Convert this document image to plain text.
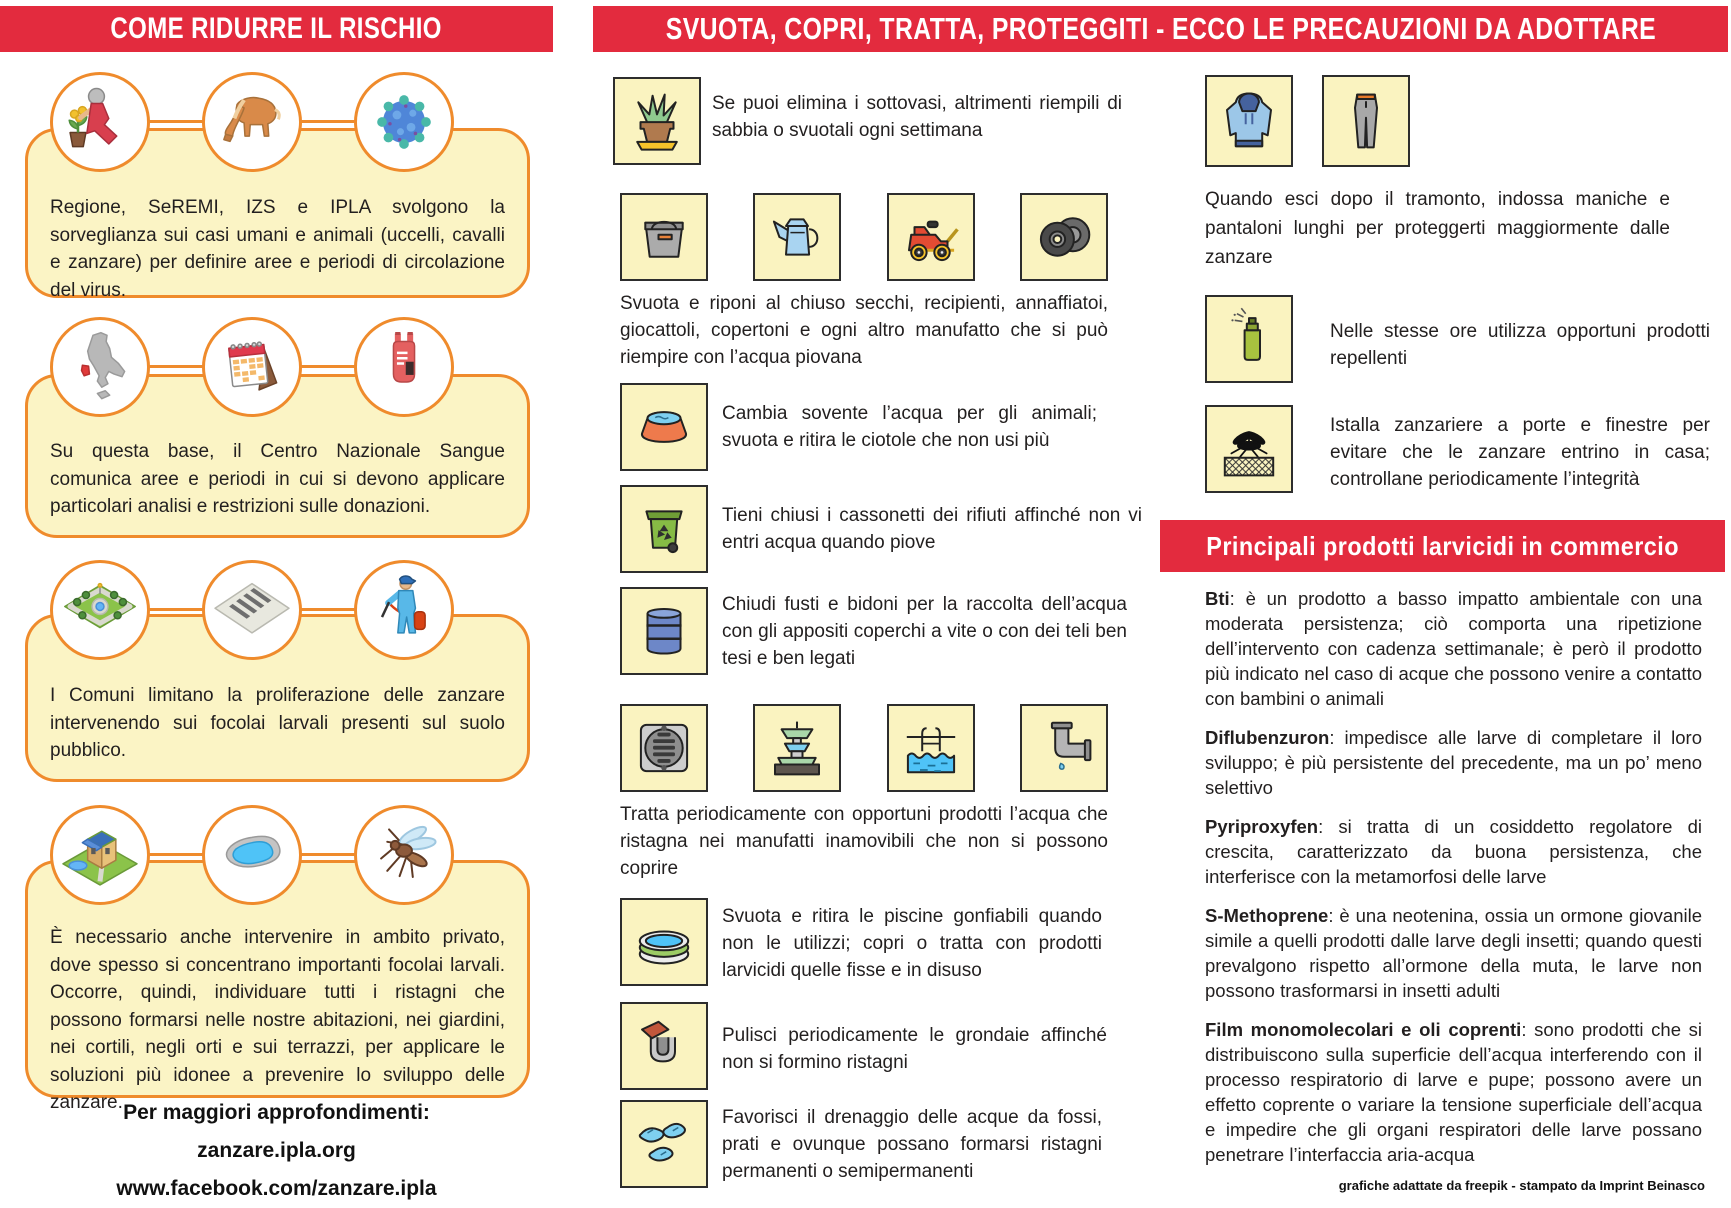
COME RIDURRE IL RISCHIO
Regione, SeREMI, IZS e IPLA svolgono la sorveglianza sui casi umani e animali (uccelli, cavalli e zanzare) per definire aree e periodi di circolazione del virus.
Su questa base, il Centro Nazionale Sangue comunica aree e periodi in cui si devono applicare particolari analisi e restrizioni sulle donazioni.
I Comuni limitano la proliferazione delle zanzare intervenendo sui focolai larvali presenti sul suolo pubblico.
È necessario anche intervenire in ambito privato, dove spesso si concentrano importanti focolai larvali. Occorre, quindi, individuare tutti i ristagni che possono formarsi nelle nostre abitazioni, nei giardini, nei cortili, negli orti e sui terrazzi, per applicare le soluzioni più idonee a prevenire lo sviluppo delle zanzare. Per maggiori approfondimenti:
zanzare.ipla.org
www.facebook.com/zanzare.ipla
SVUOTA, COPRI, TRATTA, PROTEGGITI - ECCO LE PRECAUZIONI DA ADOTTARE
Se puoi elimina i sottovasi, altrimenti riempili di sabbia o svuotali ogni settimana
Svuota e riponi al chiuso secchi, recipienti, annaffiatoi, giocattoli, copertoni e ogni altro manufatto che si può riempire con l’acqua piovana
Cambia sovente l’acqua per gli animali; svuota e ritira le ciotole che non usi più
Tieni chiusi i cassonetti dei rifiuti affinché non vi entri acqua quando piove
Chiudi fusti e bidoni per la raccolta dell’acqua con gli appositi coperchi a vite o con dei teli ben tesi e ben legati
Tratta periodicamente con opportuni prodotti l’acqua che ristagna nei manufatti inamovibili che non si possono coprire
Svuota e ritira le piscine gonfiabili quando non le utilizzi; copri o tratta con prodotti larvicidi quelle fisse e in disuso
Pulisci periodicamente le grondaie affinché non si formino ristagni
Favorisci il drenaggio delle acque da fossi, prati e ovunque possano formarsi ristagni permanenti o semipermanenti
Quando esci dopo il tramonto, indossa maniche e pantaloni lunghi per proteggerti maggiormente dalle zanzare
Nelle stesse ore utilizza opportuni prodotti repellenti
Istalla zanzariere a porte e finestre per evitare che le zanzare entrino in casa; controllane periodicamente l’integrità
Principali prodotti larvicidi in commercio

Bti: è un prodotto a basso impatto ambientale con una moderata persistenza; ciò comporta una ripetizione dell’intervento con cadenza settimanale; è però il prodotto più indicato nel caso di acque che possono venire a contatto con bambini o animali

Diflubenzuron: impedisce alle larve di completare il loro sviluppo; è più persistente del precedente, ma un po’ meno selettivo

Pyriproxyfen: si tratta di un cosiddetto regolatore di crescita, caratterizzato da buona persistenza, che interferisce con la metamorfosi delle larve

S-Methoprene: è una neotenina, ossia un ormone giovanile simile a quelli prodotti dalle larve degli insetti; quando questi prevalgono rispetto all’ormone della muta, le larve non possono trasformarsi in insetti adulti

Film monomolecolari e oli coprenti: sono prodotti che si distribuiscono sulla superficie dell’acqua interferendo con il processo respiratorio di larve e pupe; possono avere un effetto coprente o variare la tensione superficiale dell’acqua e impedire che gli organi respiratori delle larve possano penetrare l’interfaccia aria-acqua

grafiche adattate da freepik - stampato da Imprint Beinasco
